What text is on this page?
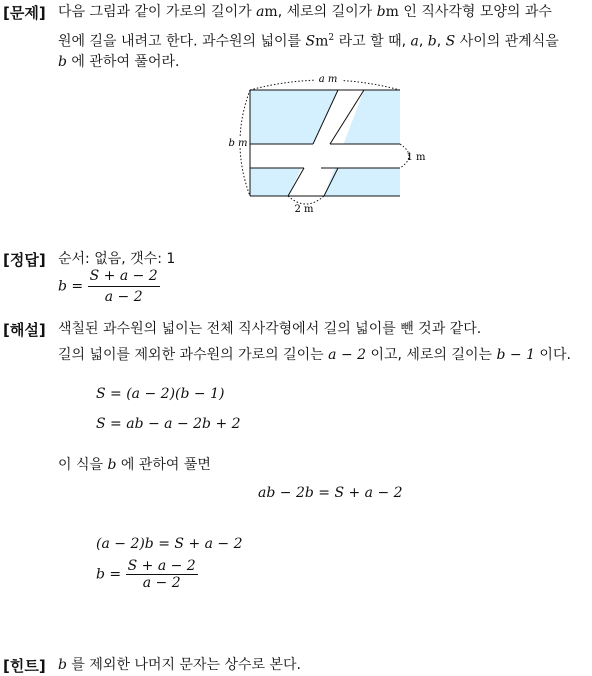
[문제] 다음 그림과 같이 가로의 길이가 am, 세로의 길이가 bm 인 직사각형 모양의 과수
원에 길을 내려고 한다. 과수원의 넓이를 Sm$^2$ 라고 할 때, a, b, S 사이의 관계식을
b 에 관하여 풀어라.
a m
b m
1 m
2 m
[정답] 순서: 없음, 갯수: 1
$b = \frac{S + a - 2}{a - 2}$
[해설] 색칠된 과수원의 넓이는 전체 직사각형에서 길의 넓이를 뺀 것과 같다.
길의 넓이를 제외한 과수원의 가로의 길이는 a − 2 이고, 세로의 길이는 b − 1 이다.
S = (a − 2)(b − 1)
S = ab − a − 2b + 2
이 식을 b 에 관하여 풀면
ab − 2b = S + a − 2
(a − 2)b = S + a − 2
$b = \frac{S + a - 2}{a - 2}$
[힌트] b 를 제외한 나머지 문자는 상수로 본다.
